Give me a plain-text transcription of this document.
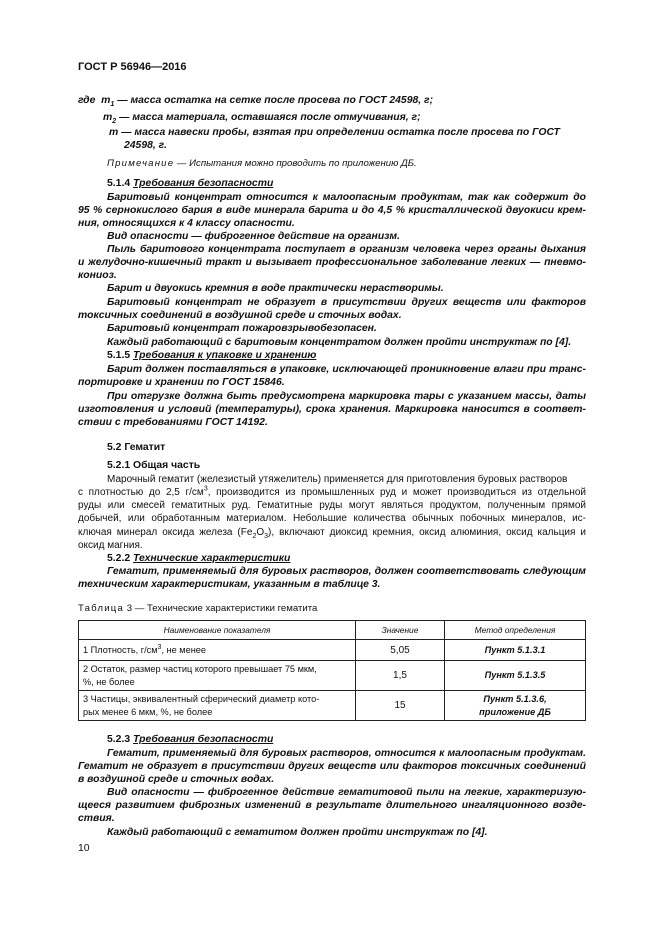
ГОСТ Р 56946—2016
где $m_1$ — масса остатка на сетке после просева по ГОСТ 24598, г;
$m_2$ — масса материала, оставшаяся после отмучивания, г;
m — масса навески пробы, взятая при определении остатка после просева по ГОСТ
24598, г.
Примечание — Испытания можно проводить по приложению ДБ.
5.1.4 Требования безопасности
Баритовый концентрат относится к малоопасным продуктам, так как содержит до
95 % сернокислого бария в виде минерала барита и до 4,5 % кристаллической двуокиси крем-
ния, относящихся к 4 классу опасности.
Вид опасности — фиброгенное действие на организм.
Пыль баритового концентрата поступает в организм человека через органы дыхания
и желудочно-кишечный тракт и вызывает профессиональное заболевание легких — пневмо-
кониоз.
Барит и двуокись кремния в воде практически нерастворимы.
Баритовый концентрат не образует в присутствии других веществ или факторов
токсичных соединений в воздушной среде и сточных водах.
Баритовый концентрат пожаровзрывобезопасен.
Каждый работающий с баритовым концентратом должен пройти инструктаж по [4].
5.1.5 Требования к упаковке и хранению
Барит должен поставляться в упаковке, исключающей проникновение влаги при транс-
портировке и хранении по ГОСТ 15846.
При отгрузке должна быть предусмотрена маркировка тары с указанием массы, даты
изготовления и условий (температуры), срока хранения. Маркировка наносится в соответ-
ствии с требованиями ГОСТ 14192.
5.2 Гематит
5.2.1 Общая часть
Марочный гематит (железистый утяжелитель) применяется для приготовления буровых растворов
с плотностью до 2,5 $г/см^3$, производится из промышленных руд и может производиться из отдельной
руды или смесей гематитных руд. Гематитные руды могут являться продуктом, полученным прямой
добычей, или обработанным материалом. Небольшие количества обычных побочных минералов, ис-
ключая минерал оксида железа $(Fe_2O_3)$, включают диоксид кремния, оксид алюминия, оксид кальция и
оксид магния.
5.2.2 Технические характеристики
Гематит, применяемый для буровых растворов, должен соответствовать следующим
техническим характеристикам, указанным в таблице 3.
Таблица 3 — Технические характеристики гематита
Наименование показателя	Значение	Метод определения
1 Плотность, $г/см^3$, не менее	5,05	Пункт 5.1.3.1
2 Остаток, размер частиц которого превышает 75 мкм,
%, не более	1,5	Пункт 5.1.3.5
3 Частицы, эквивалентный сферический диаметр кото-
рых менее 6 мкм, %, не более	15	Пункт 5.1.3.6,
приложение ДБ
5.2.3 Требования безопасности
Гематит, применяемый для буровых растворов, относится к малоопасным продуктам.
Гематит не образует в присутствии других веществ или факторов токсичных соединений
в воздушной среде и сточных водах.
Вид опасности — фиброгенное действие гематитовой пыли на легкие, характеризую-
щееся развитием фиброзных изменений в результате длительного ингаляционного возде-
ствия.
Каждый работающий с гематитом должен пройти инструктаж по [4].
10
